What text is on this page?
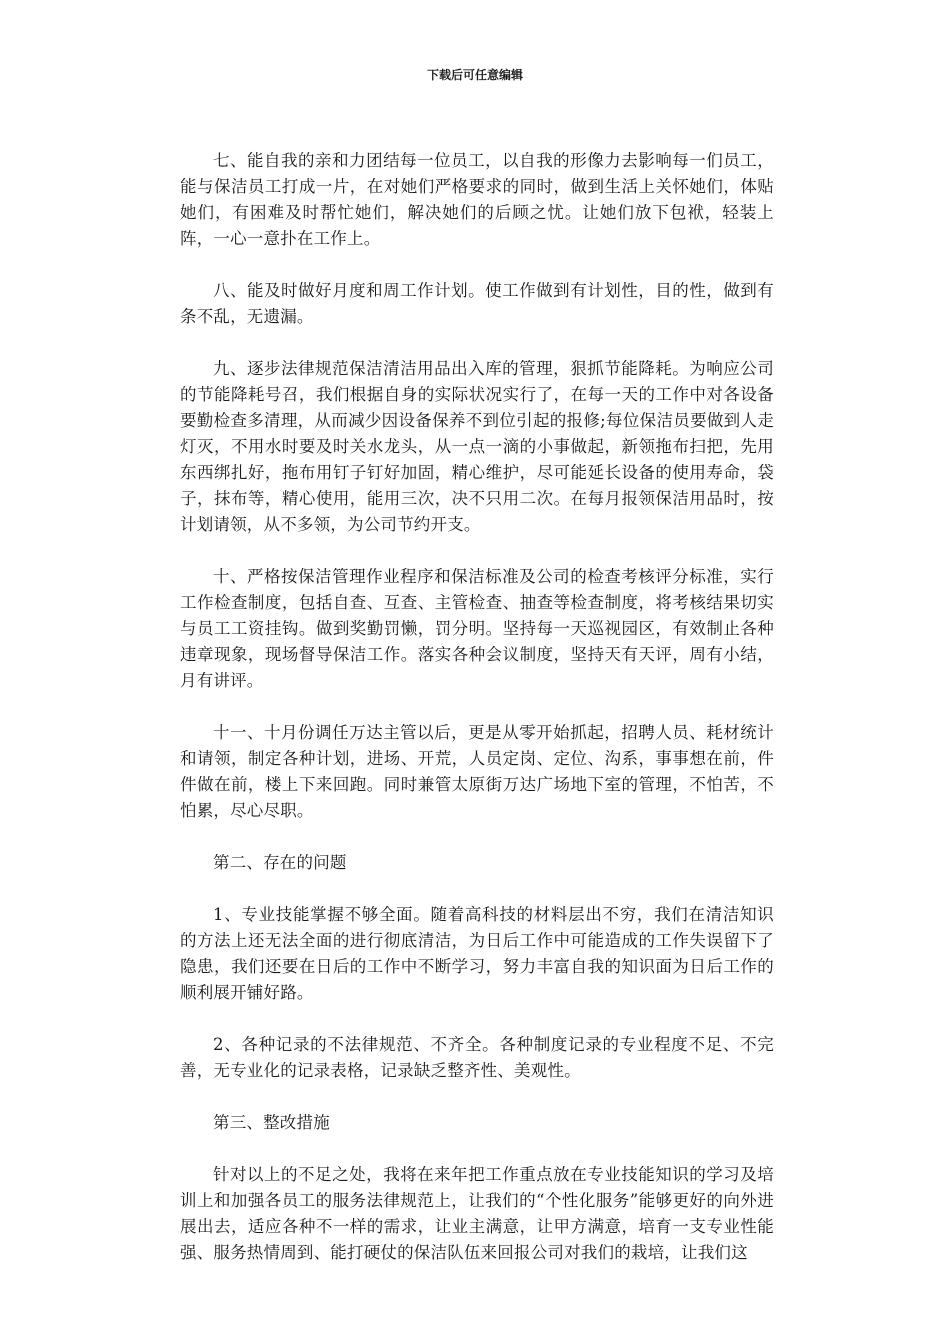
下载后可任意编辑

七、能自我的亲和力团结每一位员工，以自我的形像力去影响每一们员工，能与保洁员工打成一片，在对她们严格要求的同时，做到生活上关怀她们，体贴她们，有困难及时帮忙她们，解决她们的后顾之忧。让她们放下包袱，轻装上阵，一心一意扑在工作上。

八、能及时做好月度和周工作计划。使工作做到有计划性，目的性，做到有条不乱，无遗漏。

九、逐步法律规范保洁清洁用品出入库的管理，狠抓节能降耗。为响应公司的节能降耗号召，我们根据自身的实际状况实行了，在每一天的工作中对各设备要勤检查多清理，从而减少因设备保养不到位引起的报修;每位保洁员要做到人走灯灭，不用水时要及时关水龙头，从一点一滴的小事做起，新领拖布扫把，先用东西绑扎好，拖布用钉子钉好加固，精心维护，尽可能延长设备的使用寿命，袋子，抹布等，精心使用，能用三次，决不只用二次。在每月报领保洁用品时，按计划请领，从不多领，为公司节约开支。

十、严格按保洁管理作业程序和保洁标准及公司的检查考核评分标准，实行工作检查制度，包括自查、互查、主管检查、抽查等检查制度，将考核结果切实与员工工资挂钩。做到奖勤罚懒，罚分明。坚持每一天巡视园区，有效制止各种违章现象，现场督导保洁工作。落实各种会议制度，坚持天有天评，周有小结，月有讲评。

十一、十月份调任万达主管以后，更是从零开始抓起，招聘人员、耗材统计和请领，制定各种计划，进场、开荒，人员定岗、定位、沟系，事事想在前，件件做在前，楼上下来回跑。同时兼管太原街万达广场地下室的管理，不怕苦，不怕累，尽心尽职。

第二、存在的问题

1、专业技能掌握不够全面。随着高科技的材料层出不穷，我们在清洁知识的方法上还无法全面的进行彻底清洁，为日后工作中可能造成的工作失误留下了隐患，我们还要在日后的工作中不断学习，努力丰富自我的知识面为日后工作的顺利展开铺好路。

2、各种记录的不法律规范、不齐全。各种制度记录的专业程度不足、不完善，无专业化的记录表格，记录缺乏整齐性、美观性。

第三、整改措施

针对以上的不足之处，我将在来年把工作重点放在专业技能知识的学习及培训上和加强各员工的服务法律规范上，让我们的“个性化服务”能够更好的向外进展出去，适应各种不一样的需求，让业主满意，让甲方满意，培育一支专业性能强、服务热情周到、能打硬仗的保洁队伍来回报公司对我们的栽培，让我们这
